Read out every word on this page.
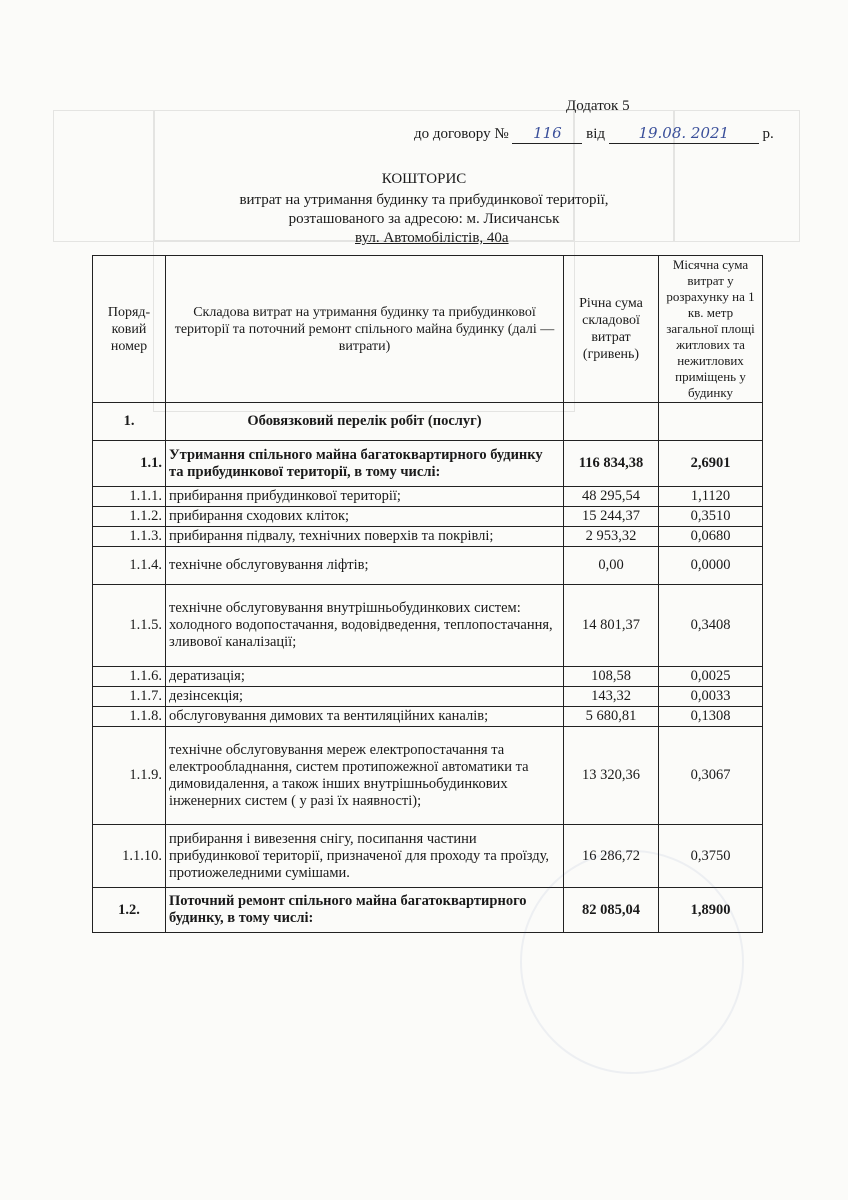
Додаток 5
до договору № 116 від 19.08. 2021 р.
КОШТОРИС
витрат на утримання будинку та прибудинкової території,
розташованого за адресою: м. Лисичанськ
вул. Автомобілістів, 40а
Поряд-ковий номер	Складова витрат на утримання будинку та прибудинкової території та поточний ремонт спільного майна будинку (далі — витрати)	Річна сума складової витрат (гривень)	Місячна сума витрат у розрахунку на 1 кв. метр загальної площі житлових та нежитлових приміщень у будинку
1.	Обовязковий перелік робіт (послуг)		
1.1.	Утримання спільного майна багатоквартирного будинку та прибудинкової території, в тому числі:	116 834,38	2,6901
1.1.1.	прибирання прибудинкової території;	48 295,54	1,1120
1.1.2.	прибирання сходових кліток;	15 244,37	0,3510
1.1.3.	прибирання підвалу, технічних поверхів та покрівлі;	2 953,32	0,0680
1.1.4.	технічне обслуговування ліфтів;	0,00	0,0000
1.1.5.	технічне обслуговування внутрішньобудинкових систем: холодного водопостачання, водовідведення, теплопостачання, зливової каналізації;	14 801,37	0,3408
1.1.6.	дератизація;	108,58	0,0025
1.1.7.	дезінсекція;	143,32	0,0033
1.1.8.	обслуговування димових та вентиляційних каналів;	5 680,81	0,1308
1.1.9.	технічне обслуговування мереж електропостачання та електрообладнання, систем протипожежної автоматики та димовидалення, а також інших внутрішньобудинкових інженерних систем ( у разі їх наявності);	13 320,36	0,3067
1.1.10.	прибирання і вивезення снігу, посипання частини прибудинкової території, призначеної для проходу та проїзду, протиожеледними сумішами.	16 286,72	0,3750
1.2.	Поточний ремонт спільного майна багатоквартирного будинку, в тому числі:	82 085,04	1,8900
